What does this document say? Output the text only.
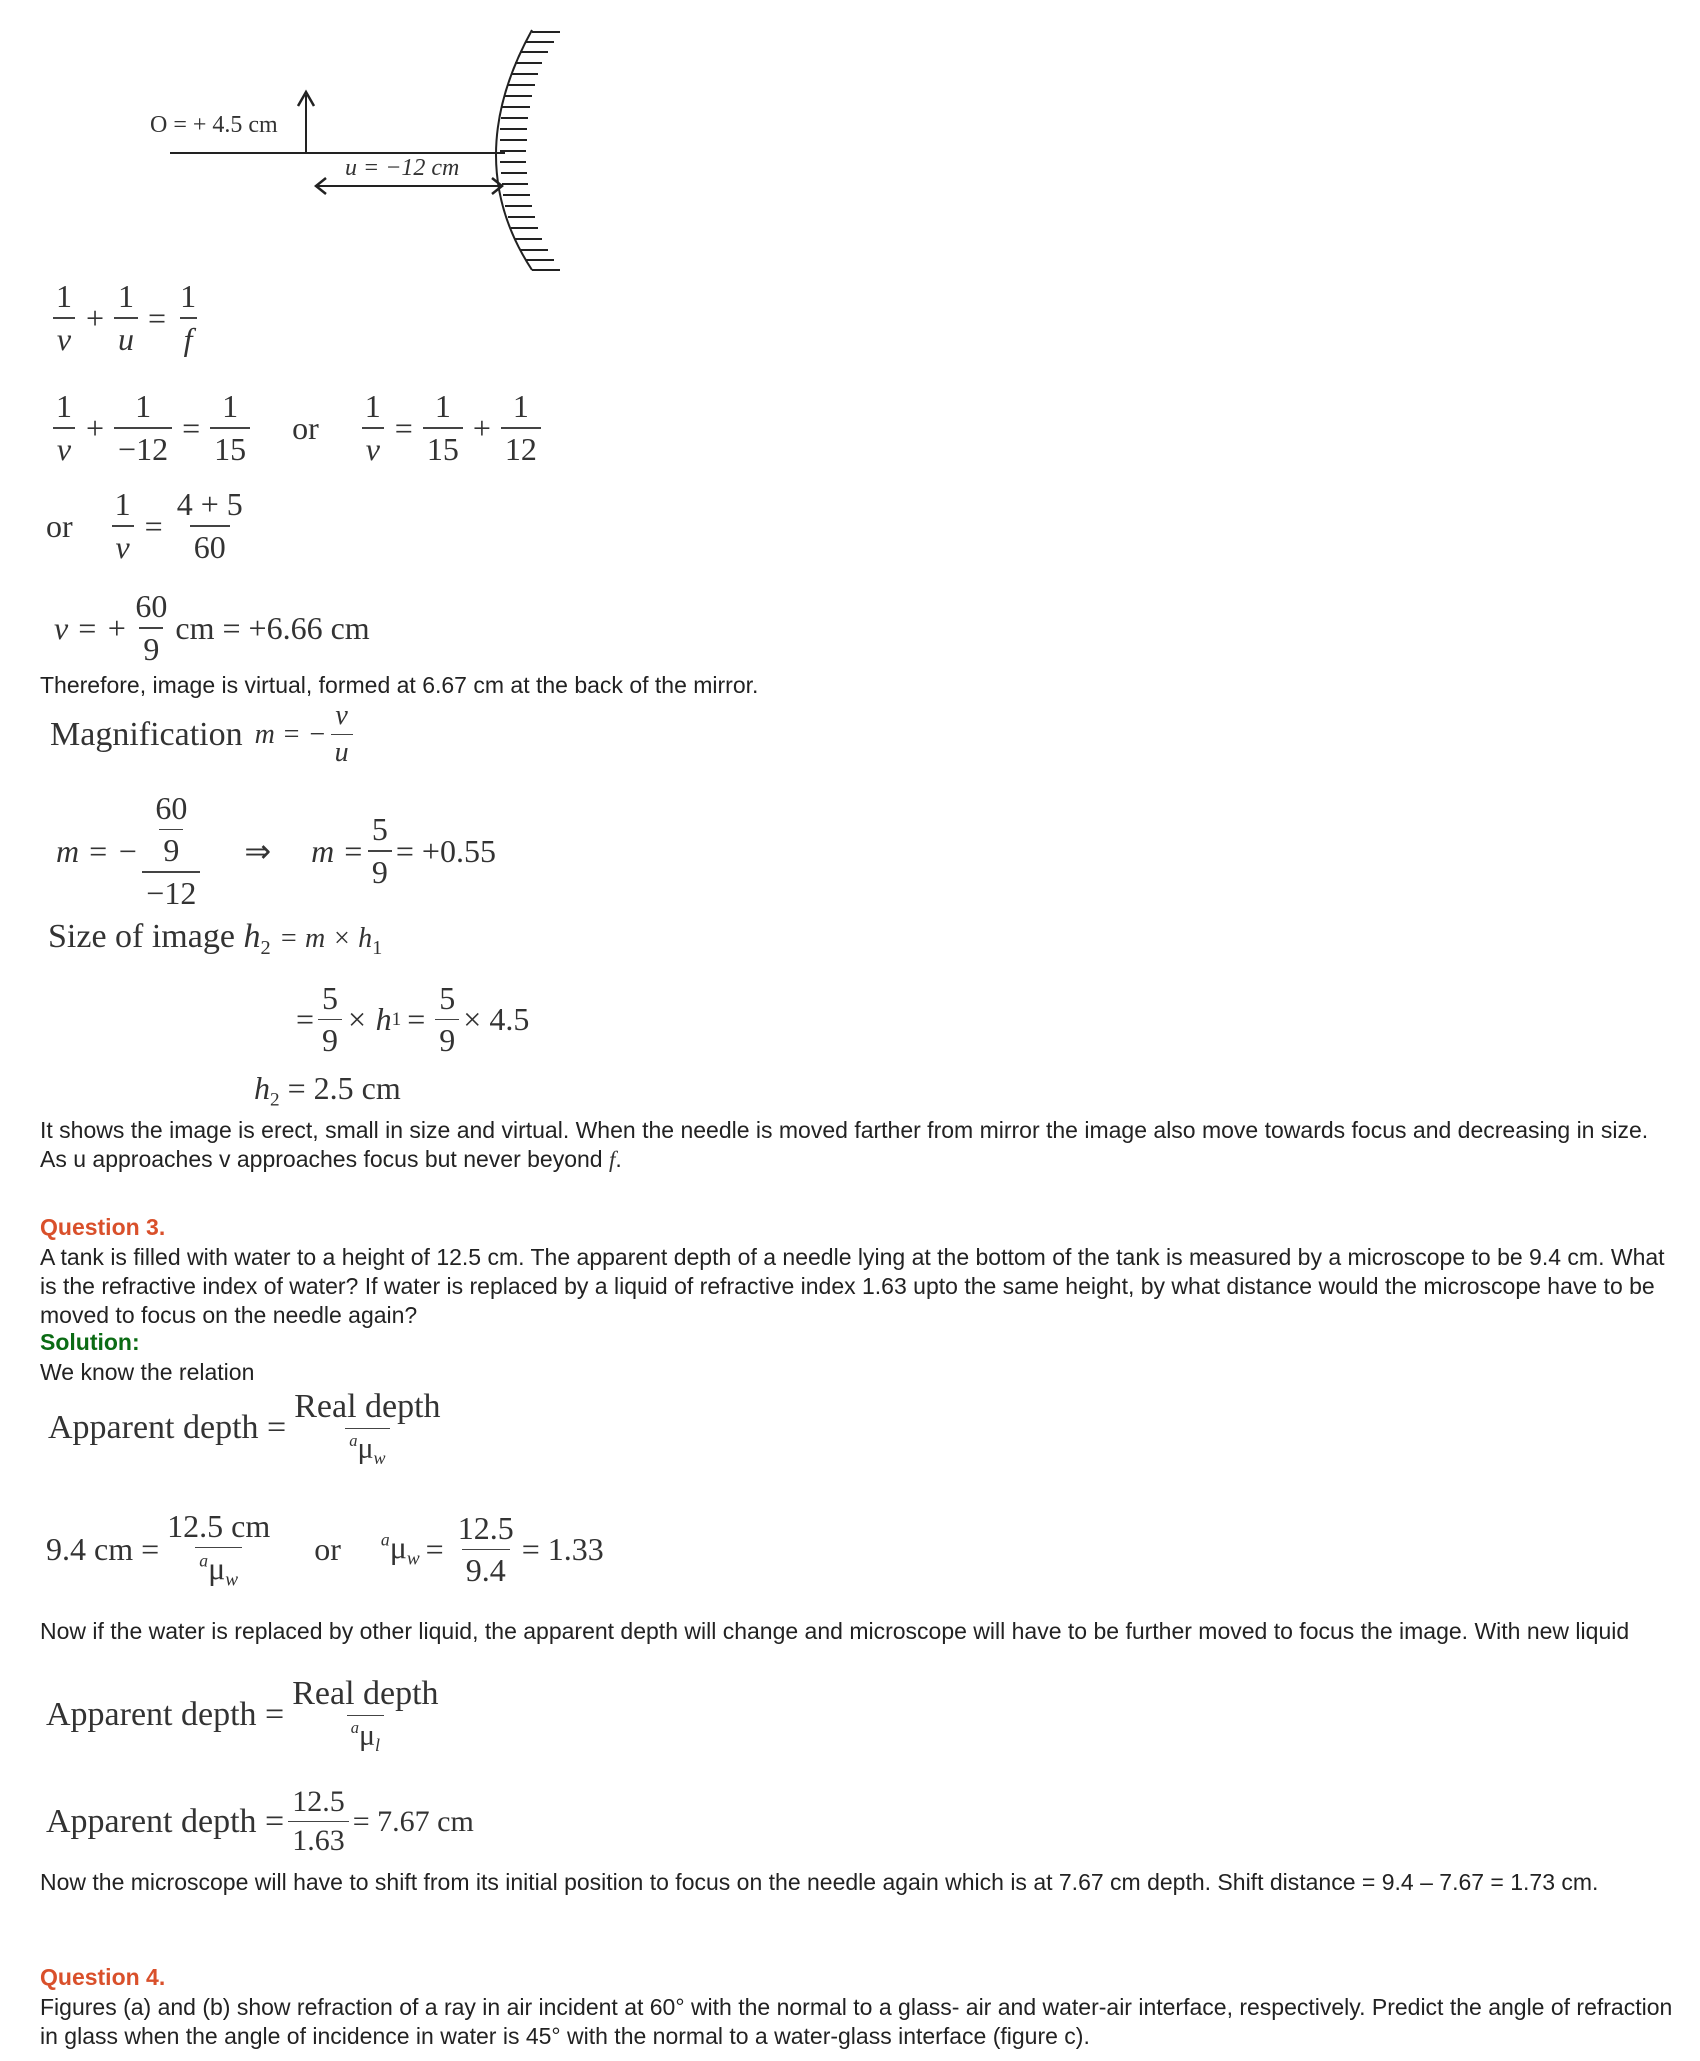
O = + 4.5 cm
u = −12 cm
$\frac{1}{v} + \frac{1}{u} = \frac{1}{f}$
$\frac{1}{v} + \frac{1}{-12} = \frac{1}{15}$ or $\frac{1}{v} = \frac{1}{15} + \frac{1}{12}$
or $\frac{1}{v} = \frac{4 + 5}{60}$
v = + $\frac{60}{9}$ cm = +6.66 cm
Therefore, image is virtual, formed at 6.67 cm at the back of the mirror.
Magnification m = − $\frac{v}{u}$
m = − $\frac{\frac{60}{9}}{-12}$ ⇒ $m = \frac{5}{9} = +0.55$
Size of image $h_2 = m \times h_1$
= $\frac{5}{9} \times h$ $1 = \frac{5}{9} \times 4.5$
$h_2 = 2.5$ cm

It shows the image is erect, small in size and virtual. When the needle is moved farther from mirror the image also move towards focus and decreasing in size. As u approaches v approaches focus but never beyond f.

Question 3.

A tank is filled with water to a height of 12.5 cm. The apparent depth of a needle lying at the bottom of the tank is measured by a microscope to be 9.4 cm. What is the refractive index of water? If water is replaced by a liquid of refractive index 1.63 upto the same height, by what distance would the microscope have to be moved to focus on the needle again?

Solution:
We know the relation
Apparent depth = $\frac{\text{Real depth}}{^a\mu_w}$
9.4 cm = $\frac{12.5 cm}{^a\mu_w}$ or $^a\mu_w = \frac{12.5}{9.4} = 1.33$

Now if the water is replaced by other liquid, the apparent depth will change and microscope will have to be further moved to focus the image. With new liquid

Apparent depth = $\frac{\text{Real depth}}{^a\mu_l}$
Apparent depth = $\frac{12.5}{1.63} = 7.67$ cm

Now the microscope will have to shift from its initial position to focus on the needle again which is at 7.67 cm depth. Shift distance = 9.4 – 7.67 = 1.73 cm.

Question 4.

Figures (a) and (b) show refraction of a ray in air incident at 60° with the normal to a glass- air and water-air interface, respectively. Predict the angle of refraction in glass when the angle of incidence in water is 45° with the normal to a water-glass interface (figure c).
